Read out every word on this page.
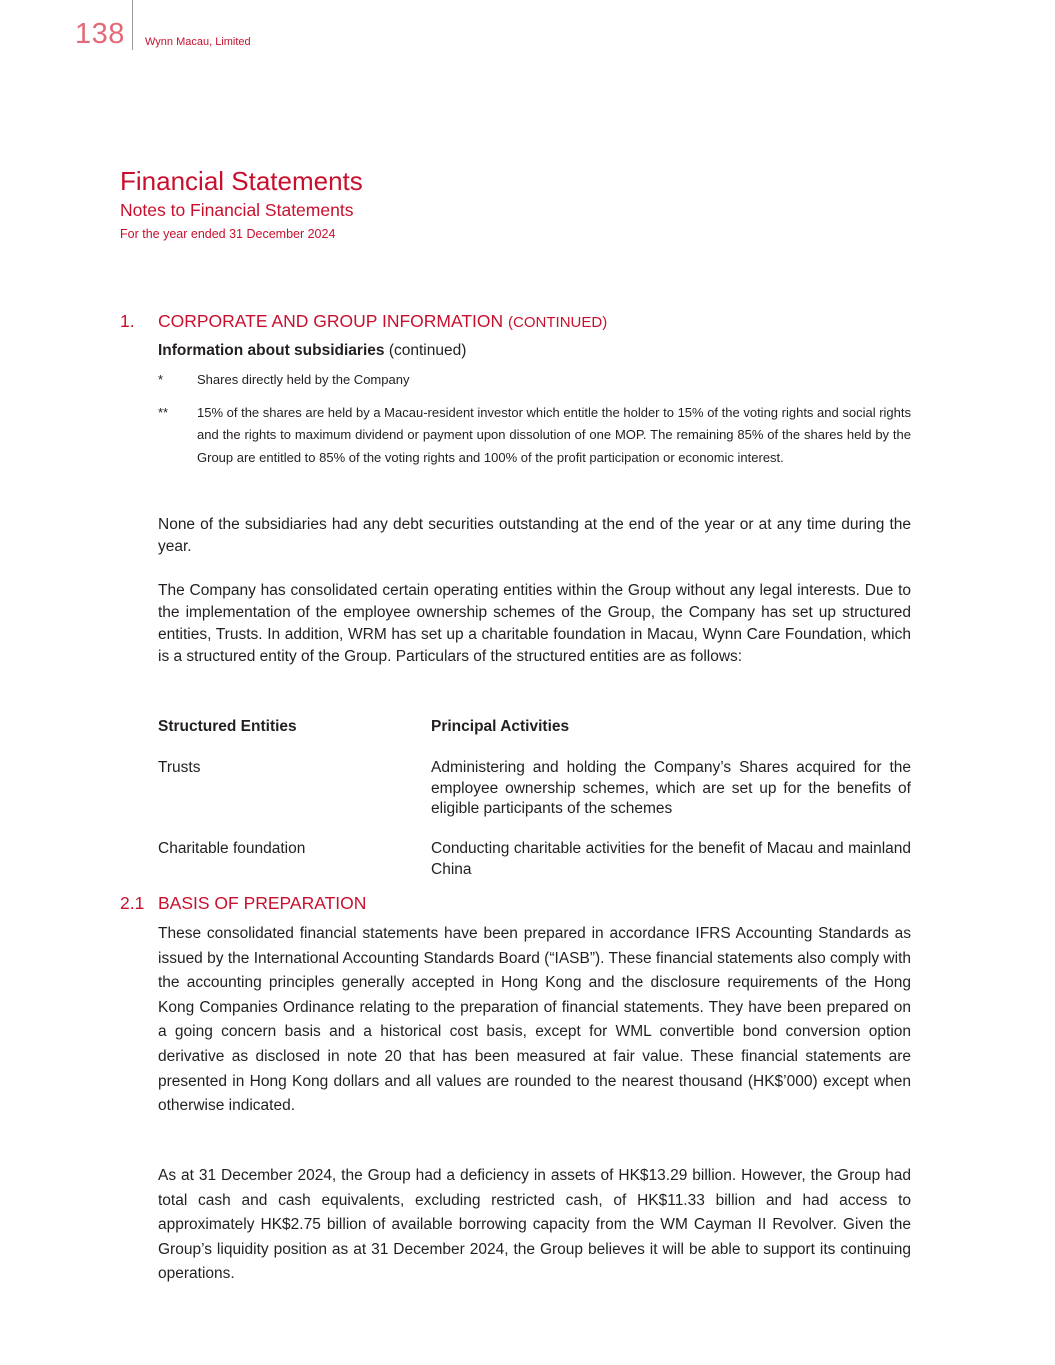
138 Wynn Macau, Limited
Financial Statements
Notes to Financial Statements
For the year ended 31 December 2024
1. CORPORATE AND GROUP INFORMATION (CONTINUED)
Information about subsidiaries (continued)
*	Shares directly held by the Company
** 15% of the shares are held by a Macau-resident investor which entitle the holder to 15% of the voting rights and social rights and the rights to maximum dividend or payment upon dissolution of one MOP. The remaining 85% of the shares held by the Group are entitled to 85% of the voting rights and 100% of the profit participation or economic interest.
None of the subsidiaries had any debt securities outstanding at the end of the year or at any time during the year.
The Company has consolidated certain operating entities within the Group without any legal interests. Due to the implementation of the employee ownership schemes of the Group, the Company has set up structured entities, Trusts. In addition, WRM has set up a charitable foundation in Macau, Wynn Care Foundation, which is a structured entity of the Group. Particulars of the structured entities are as follows:
Structured Entities	Principal Activities
Trusts	Administering and holding the Company’s Shares acquired for the employee ownership schemes, which are set up for the benefits of eligible participants of the schemes
Charitable foundation	Conducting charitable activities for the benefit of Macau and mainland China
2.1 BASIS OF PREPARATION
These consolidated financial statements have been prepared in accordance IFRS Accounting Standards as issued by the International Accounting Standards Board (“IASB”). These financial statements also comply with the accounting principles generally accepted in Hong Kong and the disclosure requirements of the Hong Kong Companies Ordinance relating to the preparation of financial statements. They have been prepared on a going concern basis and a historical cost basis, except for WML convertible bond conversion option derivative as disclosed in note 20 that has been measured at fair value. These financial statements are presented in Hong Kong dollars and all values are rounded to the nearest thousand (HK$’000) except when otherwise indicated.
As at 31 December 2024, the Group had a deficiency in assets of HK$13.29 billion. However, the Group had total cash and cash equivalents, excluding restricted cash, of HK$11.33 billion and had access to approximately HK$2.75 billion of available borrowing capacity from the WM Cayman II Revolver. Given the Group’s liquidity position as at 31 December 2024, the Group believes it will be able to support its continuing operations.
